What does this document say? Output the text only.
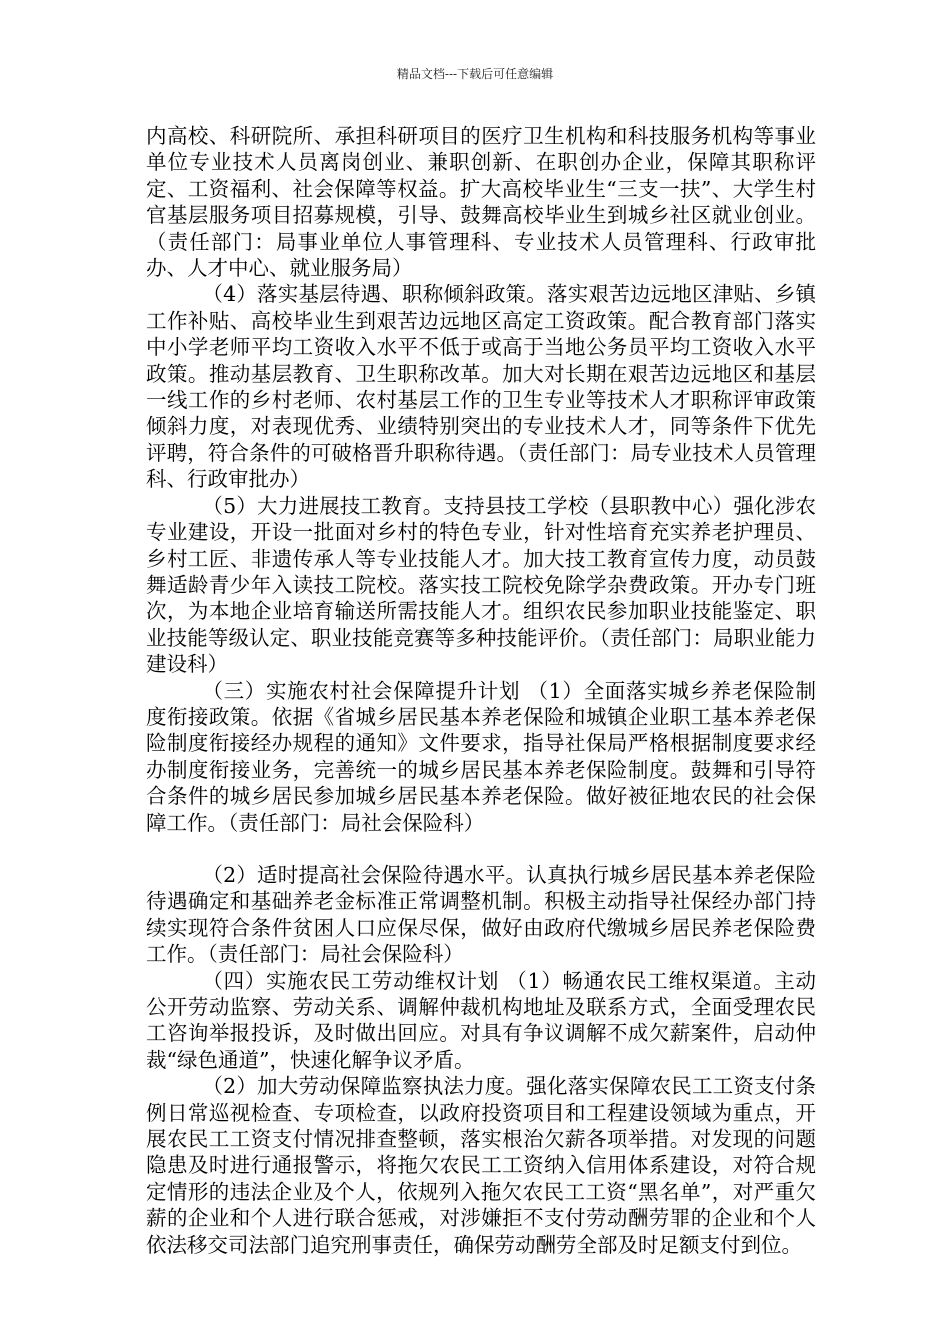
精品文档---下载后可任意编辑

内高校、科研院所、承担科研项目的医疗卫生机构和科技服务机构等事业单位专业技术人员离岗创业、兼职创新、在职创办企业，保障其职称评定、工资福利、社会保障等权益。扩大高校毕业生“三支一扶”、大学生村官基层服务项目招募规模，引导、鼓舞高校毕业生到城乡社区就业创业。（责任部门：局事业单位人事管理科、专业技术人员管理科、行政审批办、人才中心、就业服务局）

（4）落实基层待遇、职称倾斜政策。落实艰苦边远地区津贴、乡镇工作补贴、高校毕业生到艰苦边远地区高定工资政策。配合教育部门落实中小学老师平均工资收入水平不低于或高于当地公务员平均工资收入水平政策。推动基层教育、卫生职称改革。加大对长期在艰苦边远地区和基层一线工作的乡村老师、农村基层工作的卫生专业等技术人才职称评审政策倾斜力度，对表现优秀、业绩特别突出的专业技术人才，同等条件下优先评聘，符合条件的可破格晋升职称待遇。（责任部门：局专业技术人员管理科、行政审批办）

（5）大力进展技工教育。支持县技工学校（县职教中心）强化涉农专业建设，开设一批面对乡村的特色专业，针对性培育充实养老护理员、乡村工匠、非遗传承人等专业技能人才。加大技工教育宣传力度，动员鼓舞适龄青少年入读技工院校。落实技工院校免除学杂费政策。开办专门班次，为本地企业培育输送所需技能人才。组织农民参加职业技能鉴定、职业技能等级认定、职业技能竞赛等多种技能评价。（责任部门：局职业能力建设科）

（三）实施农村社会保障提升计划 （1）全面落实城乡养老保险制度衔接政策。依据《省城乡居民基本养老保险和城镇企业职工基本养老保险制度衔接经办规程的通知》文件要求，指导社保局严格根据制度要求经办制度衔接业务，完善统一的城乡居民基本养老保险制度。鼓舞和引导符合条件的城乡居民参加城乡居民基本养老保险。做好被征地农民的社会保障工作。（责任部门：局社会保险科）

（2）适时提高社会保险待遇水平。认真执行城乡居民基本养老保险待遇确定和基础养老金标准正常调整机制。积极主动指导社保经办部门持续实现符合条件贫困人口应保尽保，做好由政府代缴城乡居民养老保险费工作。（责任部门：局社会保险科）

（四）实施农民工劳动维权计划 （1）畅通农民工维权渠道。主动公开劳动监察、劳动关系、调解仲裁机构地址及联系方式，全面受理农民工咨询举报投诉，及时做出回应。对具有争议调解不成欠薪案件，启动仲裁“绿色通道”，快速化解争议矛盾。

（2）加大劳动保障监察执法力度。强化落实保障农民工工资支付条例日常巡视检查、专项检查，以政府投资项目和工程建设领域为重点，开展农民工工资支付情况排查整顿，落实根治欠薪各项举措。对发现的问题隐患及时进行通报警示，将拖欠农民工工资纳入信用体系建设，对符合规定情形的违法企业及个人，依规列入拖欠农民工工资“黑名单”，对严重欠薪的企业和个人进行联合惩戒，对涉嫌拒不支付劳动酬劳罪的企业和个人依法移交司法部门追究刑事责任，确保劳动酬劳全部及时足额支付到位。
